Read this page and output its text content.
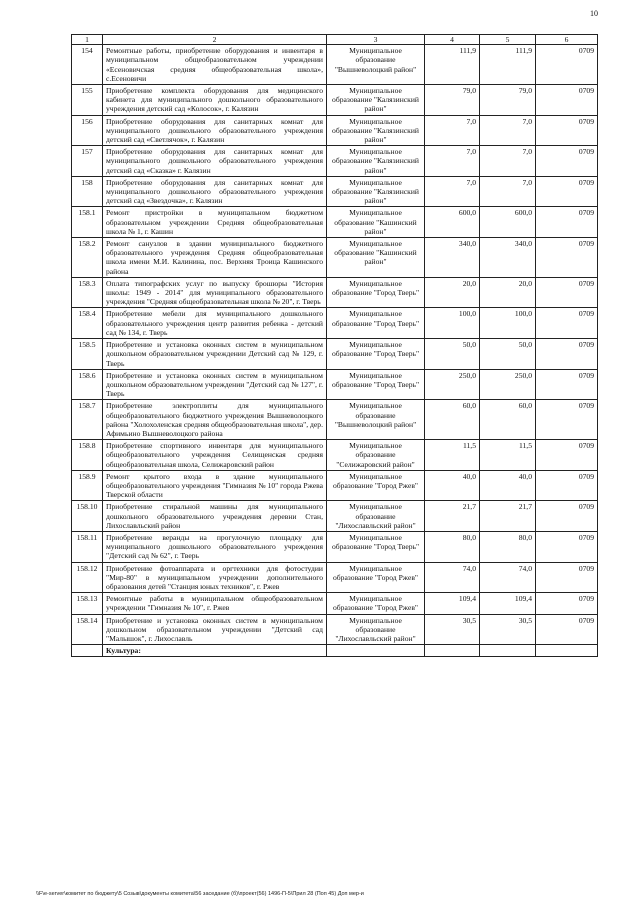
10
1	2	3	4	5	6
154	Ремонтные работы, приобретение оборудования и инвентаря в муниципальном общеобразовательном учреждении «Есеновичская средняя общеобразовательная школа», с.Есеновичи	Муниципальное образование "Вышневолоцкий район"	111,9	111,9	0709
155	Приобретение комплекта оборудования для медицинского кабинета для муниципального дошкольного образовательного учреждения детский сад «Колосок», г. Калязин	Муниципальное образование "Калязинский район"	79,0	79,0	0709
156	Приобретение оборудования для санитарных комнат для муниципального дошкольного образовательного учреждения детский сад «Светлячок», г. Калязин	Муниципальное образование "Калязинский район"	7,0	7,0	0709
157	Приобретение оборудования для санитарных комнат для муниципального дошкольного образовательного учреждения детский сад «Сказка» г. Калязин	Муниципальное образование "Калязинский район"	7,0	7,0	0709
158	Приобретение оборудования для санитарных комнат для муниципального дошкольного образовательного учреждения детский сад «Звездочка», г. Калязин	Муниципальное образование "Калязинский район"	7,0	7,0	0709
158.1	Ремонт пристройки в муниципальном бюджетном образовательном учреждении Средняя общеобразовательная школа № 1, г. Кашин	Муниципальное образование "Кашинский район"	600,0	600,0	0709
158.2	Ремонт санузлов в здании муниципального бюджетного образовательного учреждения Средняя общеобразовательная школа имени М.И. Калинина, пос. Верхняя Троица Кашинского района	Муниципальное образование "Кашинский район"	340,0	340,0	0709
158.3	Оплата типографских услуг по выпуску брошюры "История школы: 1949 - 2014" для муниципального образовательного учреждения "Средняя общеобразовательная школа № 20", г. Тверь	Муниципальное образование "Город Тверь"	20,0	20,0	0709
158.4	Приобретение мебели для муниципального дошкольного образовательного учреждения центр развития ребенка - детский сад № 134, г. Тверь	Муниципальное образование "Город Тверь"	100,0	100,0	0709
158.5	Приобретение и установка оконных систем в муниципальном дошкольном образовательном учреждении Детский сад № 129, г. Тверь	Муниципальное образование "Город Тверь"	50,0	50,0	0709
158.6	Приобретение и установка оконных систем в муниципальном дошкольном образовательном учреждении "Детский сад № 127", г. Тверь	Муниципальное образование "Город Тверь"	250,0	250,0	0709
158.7	Приобретение электроплиты для муниципального общеобразовательного бюджетного учреждения Вышневолоцкого района "Холохоленская средняя общеобразовательная школа", дер. Афимьино Вышневолоцкого района	Муниципальное образование "Вышневолоцкий район"	60,0	60,0	0709
158.8	Приобретение спортивного инвентаря для муниципального общеобразовательного учреждения Селищенская средняя общеобразовательная школа, Селижаровский район	Муниципальное образование "Селижаровский район"	11,5	11,5	0709
158.9	Ремонт крытого входа в здание муниципального общеобразовательного учреждения "Гимназия № 10" города Ржева Тверской области	Муниципальное образование "Город Ржев"	40,0	40,0	0709
158.10	Приобретение стиральной машины для муниципального дошкольного образовательного учреждения деревни Стан, Лихославльский район	Муниципальное образование "Лихославльский район"	21,7	21,7	0709
158.11	Приобретение веранды на прогулочную площадку для муниципального дошкольного образовательного учреждения "Детский сад № 62", г. Тверь	Муниципальное образование "Город Тверь"	80,0	80,0	0709
158.12	Приобретение фотоаппарата и оргтехники для фотостудии "Мир-80" в муниципальном учреждении дополнительного образования детей "Станция юных техников", г. Ржев	Муниципальное образование "Город Ржев"	74,0	74,0	0709
158.13	Ремонтные работы в муниципальном общеобразовательном учреждении "Гимназия № 10", г. Ржев	Муниципальное образование "Город Ржев"	109,4	109,4	0709
158.14	Приобретение и установка оконных систем в муниципальном дошкольном образовательном учреждении "Детский сад "Малышок", г. Лихославль	Муниципальное образование "Лихославльский район"	30,5	30,5	0709
	Культура:				
\\F\e-server\комитет по бюджету\5 Созыв\документы комитета\56 заседание (б)\проект(56) 1496-П-5\Прил 28 (Поп 45) Доп мер-и
